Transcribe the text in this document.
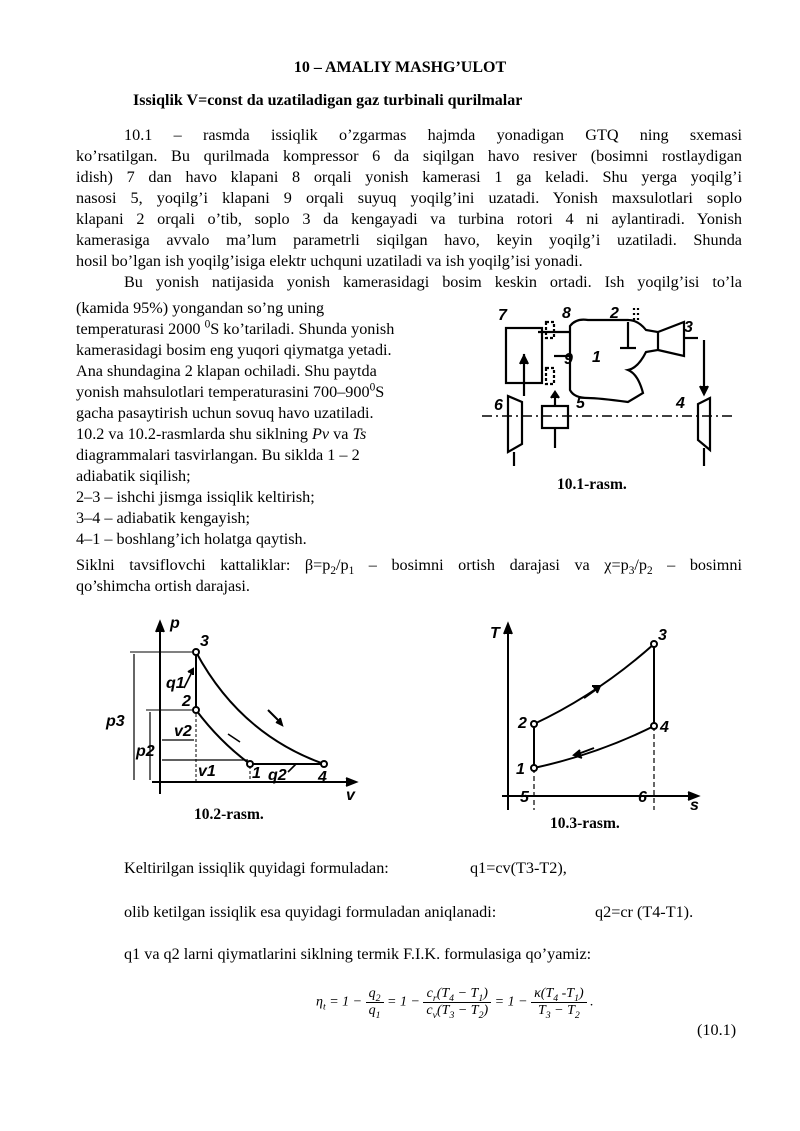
10 – AMALIY MASHG’ULOT
Issiqlik V=const da uzatiladigan gaz turbinali qurilmalar
10.1 – rasmda issiqlik o’zgarmas hajmda yonadigan GTQ ning sxemasi
ko’rsatilgan. Bu qurilmada kompressor 6 da siqilgan havo resiver (bosimni rostlaydigan
idish) 7 dan havo klapani 8 orqali yonish kamerasi 1 ga keladi. Shu yerga yoqilg’i
nasosi 5, yoqilg’i klapani 9 orqali suyuq yoqilg’ini uzatadi. Yonish maxsulotlari soplo
klapani 2 orqali o’tib, soplo 3 da kengayadi va turbina rotori 4 ni aylantiradi. Yonish
kamerasiga avvalo ma’lum parametrli siqilgan havo, keyin yoqilg’i uzatiladi. Shunda
hosil bo’lgan ish yoqilg’isiga elektr uchquni uzatiladi va ish yoqilg’isi yonadi.
Bu yonish natijasida yonish kamerasidagi bosim keskin ortadi. Ish yoqilg’isi to’la
(kamida 95%) yongandan so’ng uning
temperaturasi 2000 $^0$S ko’tariladi. Shunda yonish
kamerasidagi bosim eng yuqori qiymatga yetadi.
Ana shundagina 2 klapan ochiladi. Shu paytda
yonish mahsulotlari temperaturasini $700-900^0S$
gacha pasaytirish uchun sovuq havo uzatiladi.
10.2 va 10.2-rasmlarda shu siklning Pv va Ts
diagrammalari tasvirlangan. Bu siklda 1 – 2
adiabatik siqilish;
2–3 – ishchi jismga issiqlik keltirish;
3–4 – adiabatik kengayish;
4–1 – boshlang’ich holatga qaytish.
Siklni tavsiflovchi kattaliklar: $\beta=p_2/p_1$ – bosimni ortish darajasi va $\chi=p_3/p_2$ – bosimni
qo’shimcha ortish darajasi.
7	8 2
3
9 1
6	5	4
10.1-rasm.
p
v
3
2
1	4
p3
p2
q1
v2
v1	q2
10.2-rasm.
T
s
3
2
1
4
5	6
10.3-rasm.
Keltirilgan issiqlik quyidagi formuladan:	q1=cv(T3-T2),
olib ketilgan issiqlik esa quyidagi formuladan aniqlanadi:	q2=cr (T4-T1).
q1 va q2 larni qiymatlarini siklning termik F.I.K. formulasiga qo’yamiz:
$\eta_t = 1 - \frac{q_2}{q_1} = 1 - \frac{c_r(T_4 - T_1)}{c_v(T_3 - T_2)} = 1 - \frac{\kappa(T_4 -T_1)}{T_3 - T_2}$ .
(10.1)
